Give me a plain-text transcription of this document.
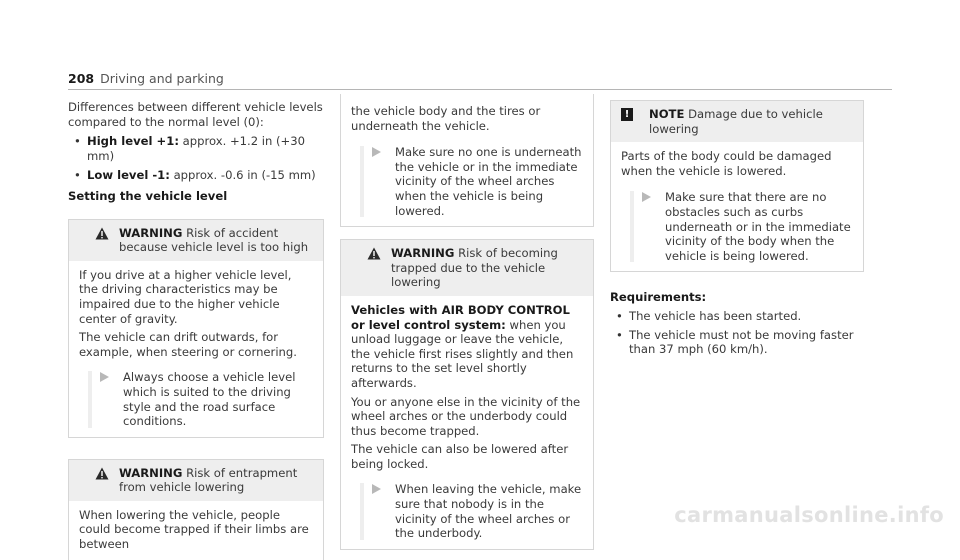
208 Driving and parking

Differences between different vehicle levels compared to the normal level (0):

• High level +1: approx. +1.2 in (+30 mm)

• Low level -1: approx. -0.6 in (-15 mm)

Setting the vehicle level

WARNING Risk of accident because vehicle level is too high

If you drive at a higher vehicle level, the driving characteristics may be impaired due to the higher vehicle center of gravity.

The vehicle can drift outwards, for example, when steering or cornering.

Always choose a vehicle level which is suited to the driving style and the road surface conditions.

WARNING Risk of entrapment from vehicle lowering

When lowering the vehicle, people could become trapped if their limbs are between

the vehicle body and the tires or underneath the vehicle.

Make sure no one is underneath the vehicle or in the immediate vicinity of the wheel arches when the vehicle is being lowered.

WARNING Risk of becoming trapped due to the vehicle lowering

Vehicles with AIR BODY CONTROL or level control system: when you unload luggage or leave the vehicle, the vehicle first rises slightly and then returns to the set level shortly afterwards.

You or anyone else in the vicinity of the wheel arches or the underbody could thus become trapped.

The vehicle can also be lowered after being locked.

When leaving the vehicle, make sure that nobody is in the vicinity of the wheel arches or the underbody.

!	NOTE Damage due to vehicle lowering

Parts of the body could be damaged when the vehicle is lowered.

Make sure that there are no obstacles such as curbs underneath or in the immediate vicinity of the body when the vehicle is being lowered.

Requirements:

• The vehicle has been started.

• The vehicle must not be moving faster than 37 mph (60 km/h).

carmanualsonline.info
